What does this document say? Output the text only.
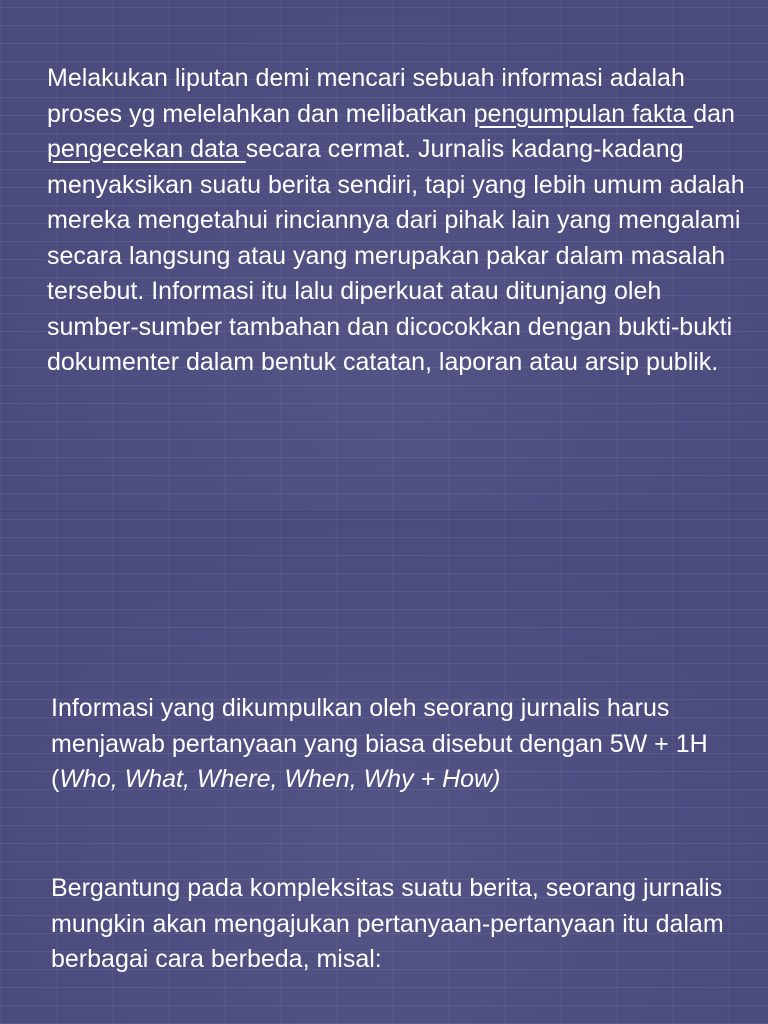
Melakukan liputan demi mencari sebuah informasi adalah proses yg melelahkan dan melibatkan pengumpulan fakta dan pengecekan data secara cermat. Jurnalis kadang-kadang menyaksikan suatu berita sendiri, tapi yang lebih umum adalah mereka mengetahui rinciannya dari pihak lain yang mengalami secara langsung atau yang merupakan pakar dalam masalah tersebut. Informasi itu lalu diperkuat atau ditunjang oleh sumber-sumber tambahan dan dicocokkan dengan bukti-bukti dokumenter dalam bentuk catatan, laporan atau arsip publik.

Informasi yang dikumpulkan oleh seorang jurnalis harus menjawab pertanyaan yang biasa disebut dengan 5W + 1H (Who, What, Where, When, Why + How)

Bergantung pada kompleksitas suatu berita, seorang jurnalis mungkin akan mengajukan pertanyaan-pertanyaan itu dalam berbagai cara berbeda, misal:
